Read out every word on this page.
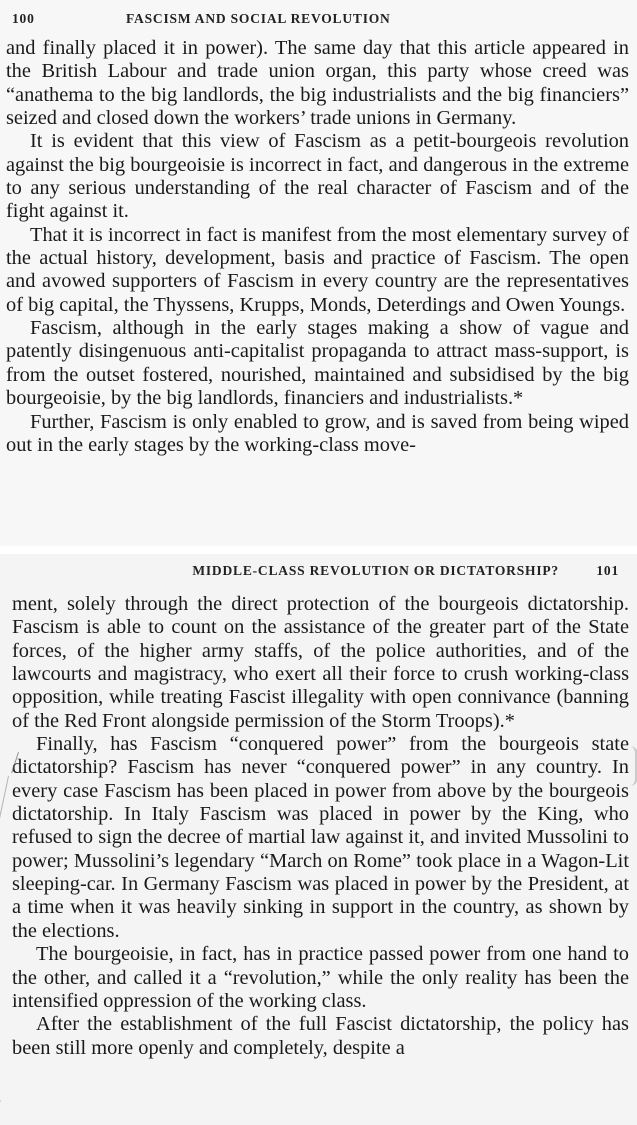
100	FASCISM AND SOCIAL REVOLUTION

and finally placed it in power). The same day that this article appeared in the British Labour and trade union organ, this party whose creed was “anathema to the big landlords, the big industrialists and the big financiers” seized and closed down the workers’ trade unions in Germany.

It is evident that this view of Fascism as a petit-bourgeois revolution against the big bourgeoisie is incorrect in fact, and dangerous in the extreme to any serious understanding of the real character of Fascism and of the fight against it.

That it is incorrect in fact is manifest from the most elementary survey of the actual history, development, basis and practice of Fascism. The open and avowed supporters of Fascism in every country are the representatives of big capital, the Thyssens, Krupps, Monds, Deterdings and Owen Youngs.

Fascism, although in the early stages making a show of vague and patently disingenuous anti-capitalist propaganda to attract mass-support, is from the outset fostered, nourished, maintained and subsidised by the big bourgeoisie, by the big landlords, financiers and industrialists.*

Further, Fascism is only enabled to grow, and is saved from being wiped out in the early stages by the working-class move-

MIDDLE-CLASS REVOLUTION OR DICTATORSHIP?	101

ment, solely through the direct protection of the bourgeois dictatorship. Fascism is able to count on the assistance of the greater part of the State forces, of the higher army staffs, of the police authorities, and of the lawcourts and magistracy, who exert all their force to crush working-class opposition, while treating Fascist illegality with open connivance (banning of the Red Front alongside permission of the Storm Troops).*

Finally, has Fascism “conquered power” from the bourgeois state dictatorship? Fascism has never “conquered power” in any country. In every case Fascism has been placed in power from above by the bourgeois dictatorship. In Italy Fascism was placed in power by the King, who refused to sign the decree of martial law against it, and invited Mussolini to power; Mussolini’s legendary “March on Rome” took place in a Wagon-Lit sleeping-car. In Germany Fascism was placed in power by the President, at a time when it was heavily sinking in support in the country, as shown by the elections.

The bourgeoisie, in fact, has in practice passed power from one hand to the other, and called it a “revolution,” while the only reality has been the intensified oppression of the working class.

After the establishment of the full Fascist dictatorship, the policy has been still more openly and completely, despite a
